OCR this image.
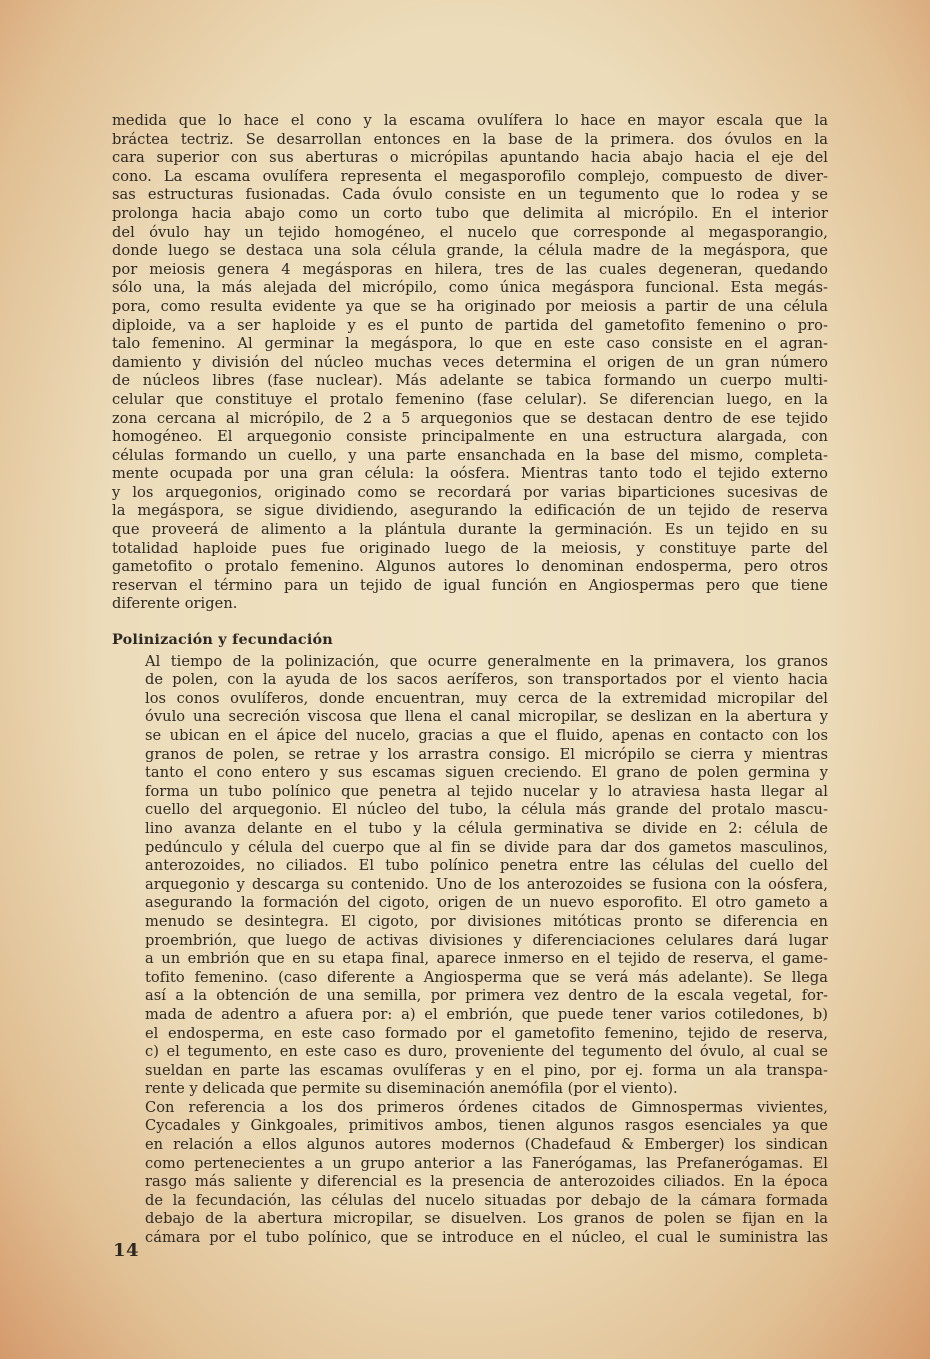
medida que lo hace el cono y la escama ovulífera lo hace en mayor escala que la
bráctea tectriz. Se desarrollan entonces en la base de la primera. dos óvulos en la
cara superior con sus aberturas o micrópilas apuntando hacia abajo hacia el eje del
cono. La escama ovulífera representa el megasporofilo complejo, compuesto de diver-
sas estructuras fusionadas. Cada óvulo consiste en un tegumento que lo rodea y se
prolonga hacia abajo como un corto tubo que delimita al micrópilo. En el interior
del óvulo hay un tejido homogéneo, el nucelo que corresponde al megasporangio,
donde luego se destaca una sola célula grande, la célula madre de la megáspora, que
por meiosis genera 4 megásporas en hilera, tres de las cuales degeneran, quedando
sólo una, la más alejada del micrópilo, como única megáspora funcional. Esta megás-
pora, como resulta evidente ya que se ha originado por meiosis a partir de una célula
diploide, va a ser haploide y es el punto de partida del gametofito femenino o pro-
talo femenino. Al germinar la megáspora, lo que en este caso consiste en el agran-
damiento y división del núcleo muchas veces determina el origen de un gran número
de núcleos libres (fase nuclear). Más adelante se tabica formando un cuerpo multi-
celular que constituye el protalo femenino (fase celular). Se diferencian luego, en la
zona cercana al micrópilo, de 2 a 5 arquegonios que se destacan dentro de ese tejido
homogéneo. El arquegonio consiste principalmente en una estructura alargada, con
células formando un cuello, y una parte ensanchada en la base del mismo, completa-
mente ocupada por una gran célula: la oósfera. Mientras tanto todo el tejido externo
y los arquegonios, originado como se recordará por varias biparticiones sucesivas de
la megáspora, se sigue dividiendo, asegurando la edificación de un tejido de reserva
que proveerá de alimento a la plántula durante la germinación. Es un tejido en su
totalidad haploide pues fue originado luego de la meiosis, y constituye parte del
gametofito o protalo femenino. Algunos autores lo denominan endosperma, pero otros
reservan el término para un tejido de igual función en Angiospermas pero que tiene
diferente origen.

Polinización y fecundación

Al tiempo de la polinización, que ocurre generalmente en la primavera, los granos
de polen, con la ayuda de los sacos aeríferos, son transportados por el viento hacia
los conos ovulíferos, donde encuentran, muy cerca de la extremidad micropilar del
óvulo una secreción viscosa que llena el canal micropilar, se deslizan en la abertura y
se ubican en el ápice del nucelo, gracias a que el fluido, apenas en contacto con los
granos de polen, se retrae y los arrastra consigo. El micrópilo se cierra y mientras
tanto el cono entero y sus escamas siguen creciendo. El grano de polen germina y
forma un tubo polínico que penetra al tejido nucelar y lo atraviesa hasta llegar al
cuello del arquegonio. El núcleo del tubo, la célula más grande del protalo mascu-
lino avanza delante en el tubo y la célula germinativa se divide en 2: célula de
pedúnculo y célula del cuerpo que al fin se divide para dar dos gametos masculinos,
anterozoides, no ciliados. El tubo polínico penetra entre las células del cuello del
arquegonio y descarga su contenido. Uno de los anterozoides se fusiona con la oósfera,
asegurando la formación del cigoto, origen de un nuevo esporofito. El otro gameto a
menudo se desintegra. El cigoto, por divisiones mitóticas pronto se diferencia en
proembrión, que luego de activas divisiones y diferenciaciones celulares dará lugar
a un embrión que en su etapa final, aparece inmerso en el tejido de reserva, el game-
tofito femenino. (caso diferente a Angiosperma que se verá más adelante). Se llega
así a la obtención de una semilla, por primera vez dentro de la escala vegetal, for-
mada de adentro a afuera por: a) el embrión, que puede tener varios cotiledones, b)
el endosperma, en este caso formado por el gametofito femenino, tejido de reserva,
c) el tegumento, en este caso es duro, proveniente del tegumento del óvulo, al cual se
sueldan en parte las escamas ovulíferas y en el pino, por ej. forma un ala transpa-
rente y delicada que permite su diseminación anemófila (por el viento).

Con referencia a los dos primeros órdenes citados de Gimnospermas vivientes,
Cycadales y Ginkgoales, primitivos ambos, tienen algunos rasgos esenciales ya que
en relación a ellos algunos autores modernos (Chadefaud & Emberger) los sindican
como pertenecientes a un grupo anterior a las Fanerógamas, las Prefanerógamas. El
rasgo más saliente y diferencial es la presencia de anterozoides ciliados. En la época
de la fecundación, las células del nucelo situadas por debajo de la cámara formada
debajo de la abertura micropilar, se disuelven. Los granos de polen se fijan en la
cámara por el tubo polínico, que se introduce en el núcleo, el cual le suministra las

14
